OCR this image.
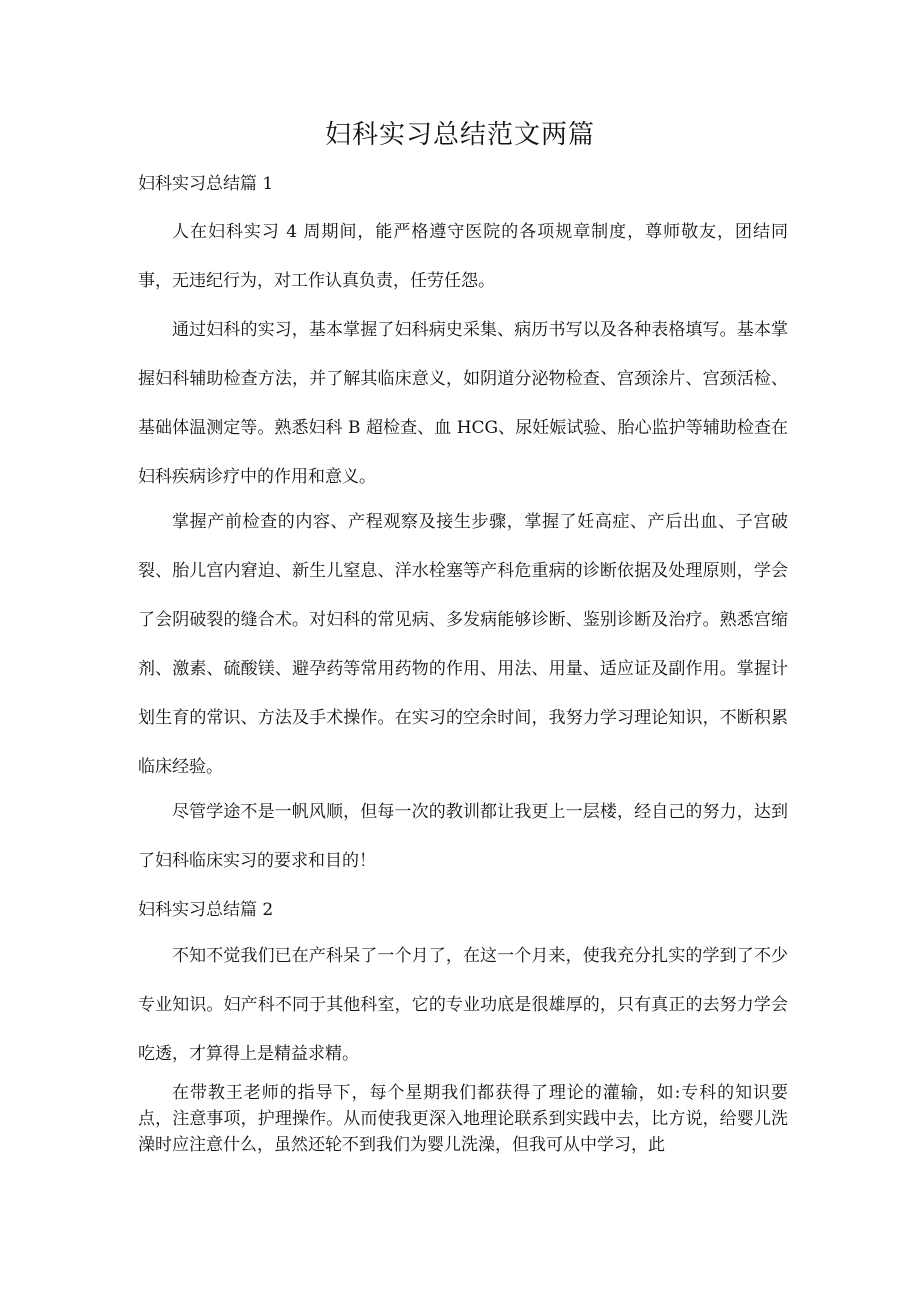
妇科实习总结范文两篇
妇科实习总结篇 1

人在妇科实习 4 周期间，能严格遵守医院的各项规章制度，尊师敬友，团结同事，无违纪行为，对工作认真负责，任劳任怨。

通过妇科的实习，基本掌握了妇科病史采集、病历书写以及各种表格填写。基本掌握妇科辅助检查方法，并了解其临床意义，如阴道分泌物检查、宫颈涂片、宫颈活检、基础体温测定等。熟悉妇科 B 超检查、血 HCG、尿妊娠试验、胎心监护等辅助检查在妇科疾病诊疗中的作用和意义。

掌握产前检查的内容、产程观察及接生步骤，掌握了妊高症、产后出血、子宫破裂、胎儿宫内窘迫、新生儿窒息、洋水栓塞等产科危重病的诊断依据及处理原则，学会了会阴破裂的缝合术。对妇科的常见病、多发病能够诊断、鉴别诊断及治疗。熟悉宫缩剂、激素、硫酸镁、避孕药等常用药物的作用、用法、用量、适应证及副作用。掌握计划生育的常识、方法及手术操作。在实习的空余时间，我努力学习理论知识，不断积累临床经验。

尽管学途不是一帆风顺，但每一次的教训都让我更上一层楼，经自己的努力，达到了妇科临床实习的要求和目的！

妇科实习总结篇 2

不知不觉我们已在产科呆了一个月了，在这一个月来，使我充分扎实的学到了不少专业知识。妇产科不同于其他科室，它的专业功底是很雄厚的，只有真正的去努力学会吃透，才算得上是精益求精。

在带教王老师的指导下，每个星期我们都获得了理论的灌输，如:专科的知识要点，注意事项，护理操作。从而使我更深入地理论联系到实践中去，比方说，给婴儿洗澡时应注意什么，虽然还轮不到我们为婴儿洗澡，但我可从中学习，此
